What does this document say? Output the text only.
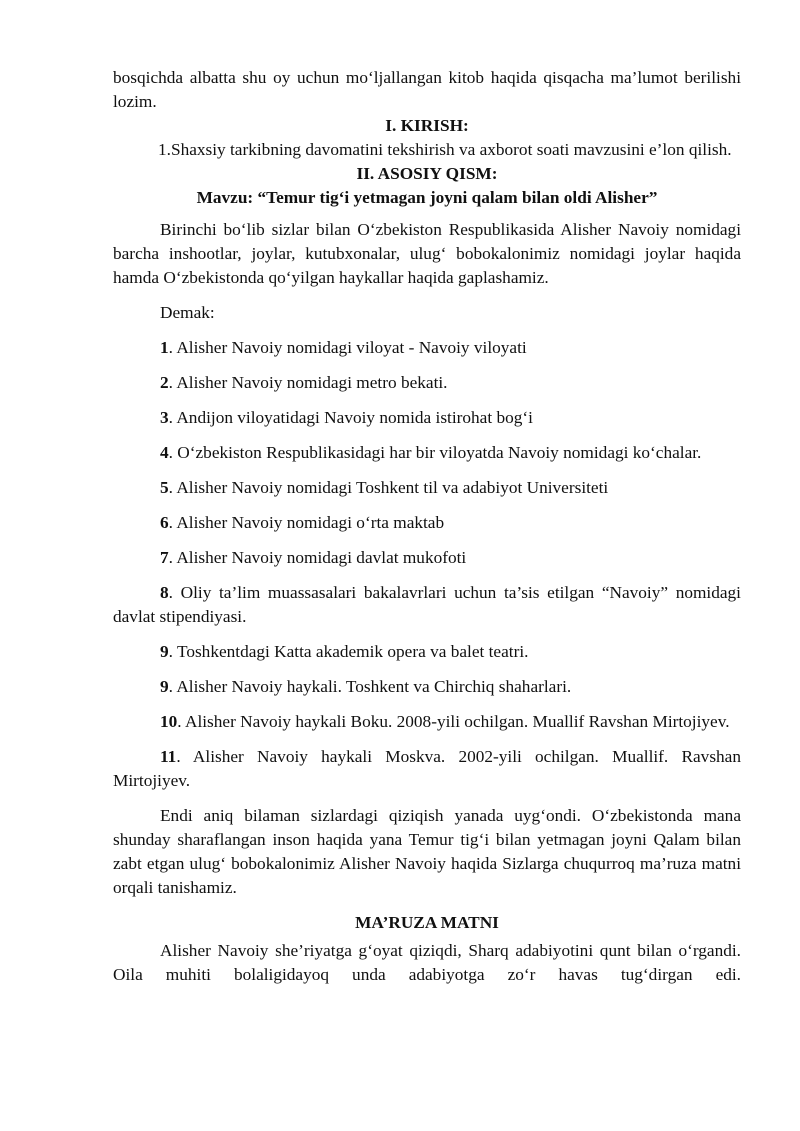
bosqichda albatta shu oy uchun mo‘ljallangan kitob haqida qisqacha ma’lumot berilishi lozim.

I. KIRISH:

1.Shaxsiy tarkibning davomatini tekshirish va axborot soati mavzusini e’lon qilish.

II. ASOSIY QISM:

Mavzu: “Temur tig‘i yetmagan joyni qalam bilan oldi Alisher”

Birinchi bo‘lib sizlar bilan O‘zbekiston Respublikasida Alisher Navoiy nomidagi barcha inshootlar, joylar, kutubxonalar, ulug‘ bobokalonimiz nomidagi joylar haqida hamda O‘zbekistonda qo‘yilgan haykallar haqida gaplashamiz.

Demak:

1. Alisher Navoiy nomidagi viloyat - Navoiy viloyati

2. Alisher Navoiy nomidagi metro bekati.

3. Andijon viloyatidagi Navoiy nomida istirohat bog‘i

4. O‘zbekiston Respublikasidagi har bir viloyatda Navoiy nomidagi ko‘chalar.

5. Alisher Navoiy nomidagi Toshkent til va adabiyot Universiteti

6. Alisher Navoiy nomidagi o‘rta maktab

7. Alisher Navoiy nomidagi davlat mukofoti

8. Oliy ta’lim muassasalari bakalavrlari uchun ta’sis etilgan “Navoiy” nomidagi davlat stipendiyasi.

9. Toshkentdagi Katta akademik opera va balet teatri.

9. Alisher Navoiy haykali. Toshkent va Chirchiq shaharlari.

10. Alisher Navoiy haykali Boku. 2008-yili ochilgan. Muallif Ravshan Mirtojiyev.

11. Alisher Navoiy haykali Moskva. 2002-yili ochilgan. Muallif. Ravshan Mirtojiyev.

Endi aniq bilaman sizlardagi qiziqish yanada uyg‘ondi. O‘zbekistonda mana shunday sharaflangan inson haqida yana Temur tig‘i bilan yetmagan joyni Qalam bilan zabt etgan ulug‘ bobokalonimiz Alisher Navoiy haqida Sizlarga chuqurroq ma’ruza matni orqali tanishamiz.

MA’RUZA MATNI

Alisher Navoiy she’riyatga g‘oyat qiziqdi, Sharq adabiyotini qunt bilan o‘rgandi. Oila muhiti bolaligidayoq unda adabiyotga zo‘r havas tug‘dirgan edi.
